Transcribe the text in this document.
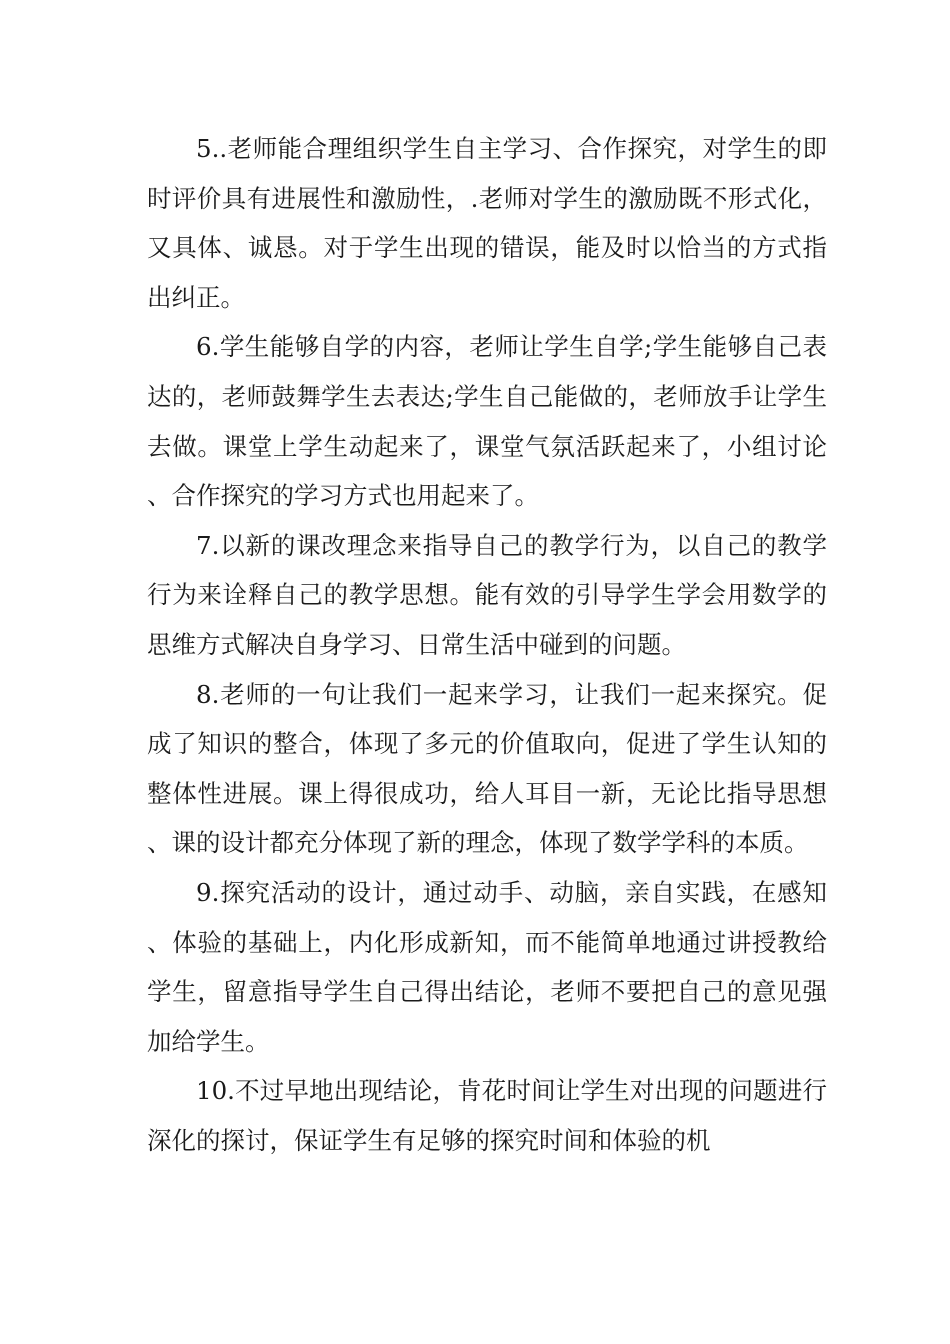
5..老师能合理组织学生自主学习、合作探究，对学生的即时评价具有进展性和激励性，.老师对学生的激励既不形式化，又具体、诚恳。对于学生出现的错误，能及时以恰当的方式指出纠正。

6.学生能够自学的内容，老师让学生自学;学生能够自己表达的，老师鼓舞学生去表达;学生自己能做的，老师放手让学生去做。课堂上学生动起来了，课堂气氛活跃起来了，小组讨论、合作探究的学习方式也用起来了。

7.以新的课改理念来指导自己的教学行为，以自己的教学行为来诠释自己的教学思想。能有效的引导学生学会用数学的思维方式解决自身学习、日常生活中碰到的问题。

8.老师的一句让我们一起来学习，让我们一起来探究。促成了知识的整合，体现了多元的价值取向，促进了学生认知的整体性进展。课上得很成功，给人耳目一新，无论比指导思想、课的设计都充分体现了新的理念，体现了数学学科的本质。

9.探究活动的设计，通过动手、动脑，亲自实践，在感知、体验的基础上，内化形成新知，而不能简单地通过讲授教给学生，留意指导学生自己得出结论，老师不要把自己的意见强加给学生。

10.不过早地出现结论，肯花时间让学生对出现的问题进行深化的探讨，保证学生有足够的探究时间和体验的机
